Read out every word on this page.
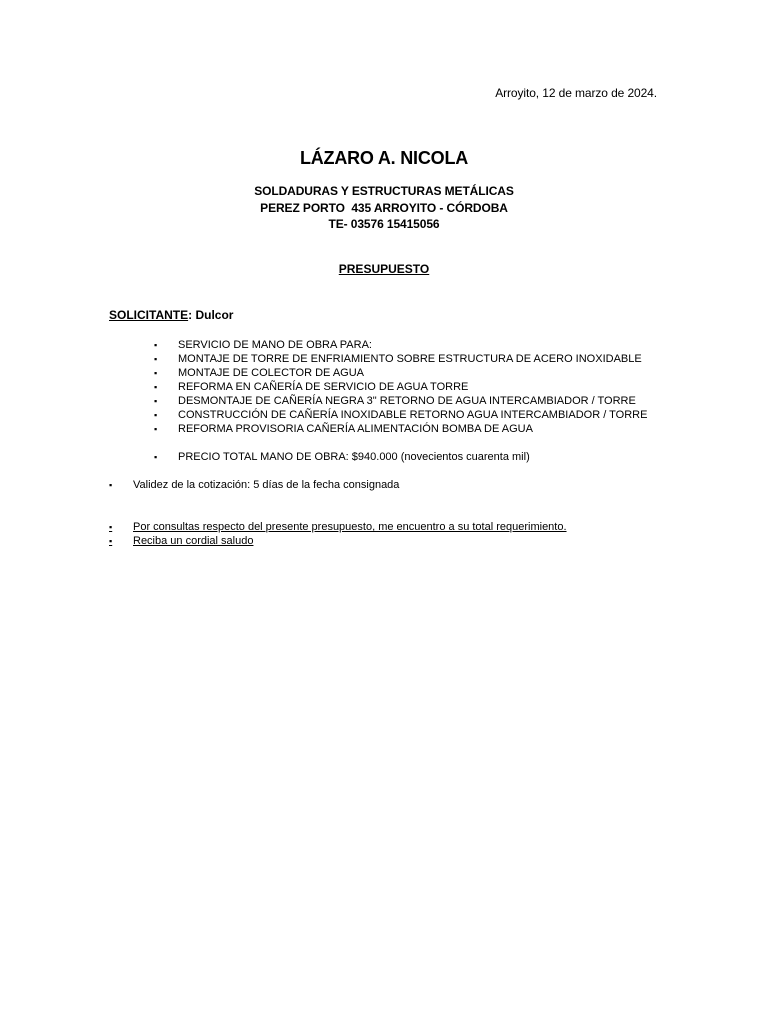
Arroyito, 12 de marzo de 2024.
LÁZARO A. NICOLA
SOLDADURAS Y ESTRUCTURAS METÁLICAS
PEREZ PORTO  435 ARROYITO - CÓRDOBA
TE- 03576 15415056
PRESUPUESTO
SOLICITANTE: Dulcor
▪	SERVICIO DE MANO DE OBRA PARA:
▪	MONTAJE DE TORRE DE ENFRIAMIENTO SOBRE ESTRUCTURA DE ACERO INOXIDABLE
▪	MONTAJE DE COLECTOR DE AGUA
▪	REFORMA EN CAÑERÍA DE SERVICIO DE AGUA TORRE
▪	DESMONTAJE DE CAÑERÍA NEGRA 3" RETORNO DE AGUA INTERCAMBIADOR / TORRE
▪	CONSTRUCCIÓN DE CAÑERÍA INOXIDABLE RETORNO AGUA INTERCAMBIADOR / TORRE
▪	REFORMA PROVISORIA CAÑERÍA ALIMENTACIÓN BOMBA DE AGUA
▪	PRECIO TOTAL MANO DE OBRA: $940.000 (novecientos cuarenta mil)
▪	Validez de la cotización: 5 días de la fecha consignada
▪	Por consultas respecto del presente presupuesto, me encuentro a su total requerimiento.
▪	Reciba un cordial saludo
